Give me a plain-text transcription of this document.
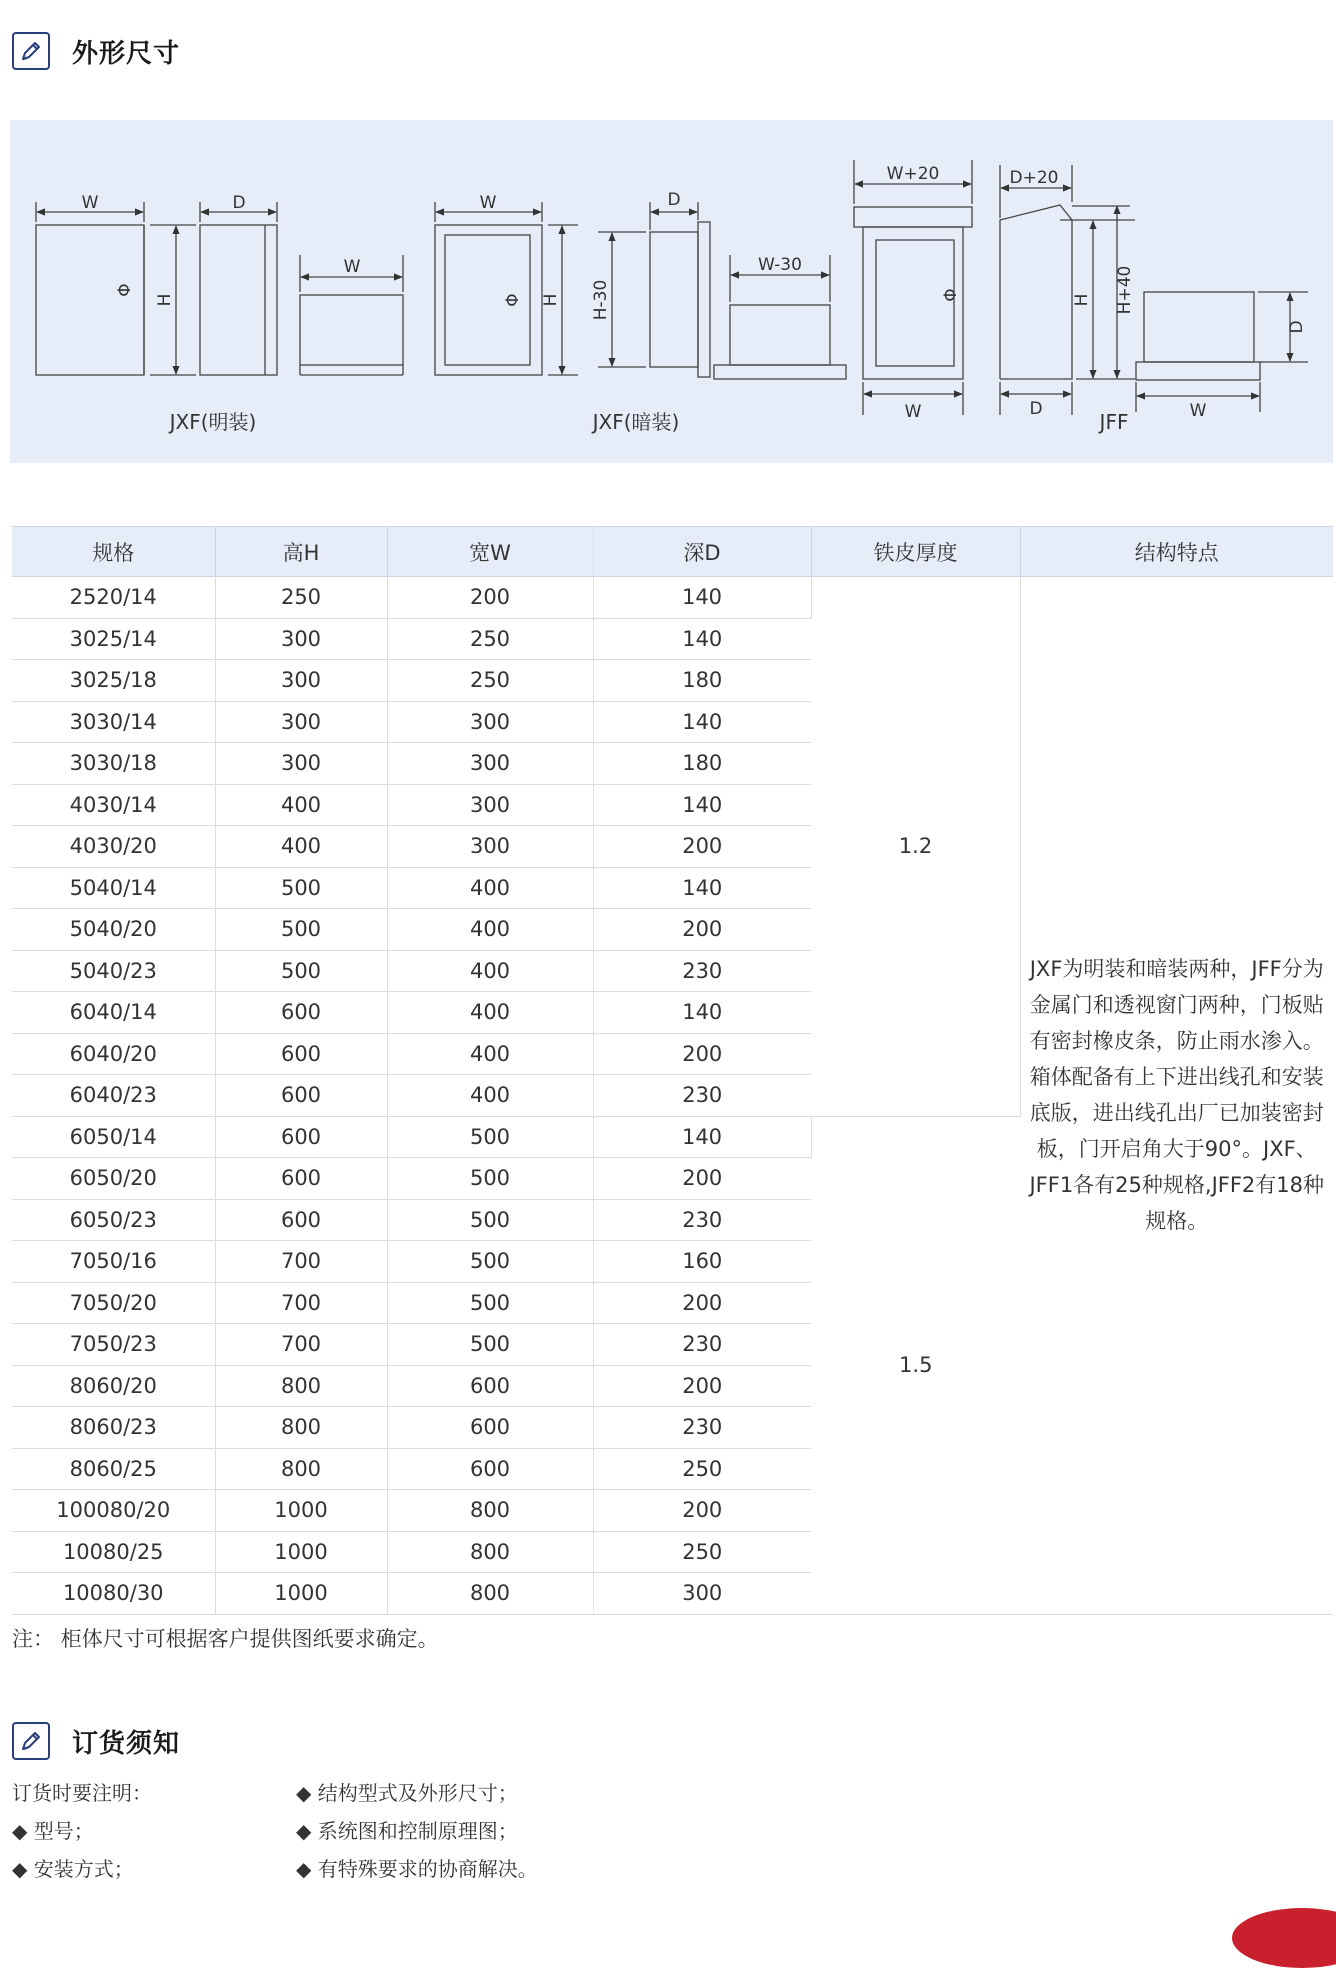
外形尺寸
W	D
W
W	D
W-30
W+20	D+20
W	D	W
H
Φ
H
Φ	H-30	Φ	H H+40
D
JXF(明装)	JXF(暗装)	JFF
规格	高H	宽W	深D	铁皮厚度	结构特点
2520/14	250	200	140	1.2	JXF为明装和暗装两种，JFF分为金属门和透视窗门两种，门板贴有密封橡皮条，防止雨水渗入。箱体配备有上下进出线孔和安装底版，进出线孔出厂已加装密封板，门开启角大于90°。JXF、JFF1各有25种规格,JFF2有18种规格。
3025/14	300	250	140		
3025/18	300	250	180		
3030/14	300	300	140		
3030/18	300	300	180		
4030/14	400	300	140		
4030/20	400	300	200		
5040/14	500	400	140		
5040/20	500	400	200		
5040/23	500	400	230		
6040/14	600	400	140		
6040/20	600	400	200		
6040/23	600	400	230		
6050/14	600	500	140	1.5	
6050/20	600	500	200		
6050/23	600	500	230		
7050/16	700	500	160		
7050/20	700	500	200		
7050/23	700	500	230		
8060/20	800	600	200		
8060/23	800	600	230		
8060/25	800	600	250		
100080/20	1000	800	200		
10080/25	1000	800	250		
10080/30	1000	800	300		
注： 柜体尺寸可根据客户提供图纸要求确定。
订货须知
订货时要注明：
◆ 型号；
◆ 安装方式；
◆ 结构型式及外形尺寸；
◆ 系统图和控制原理图；
◆ 有特殊要求的协商解决。
